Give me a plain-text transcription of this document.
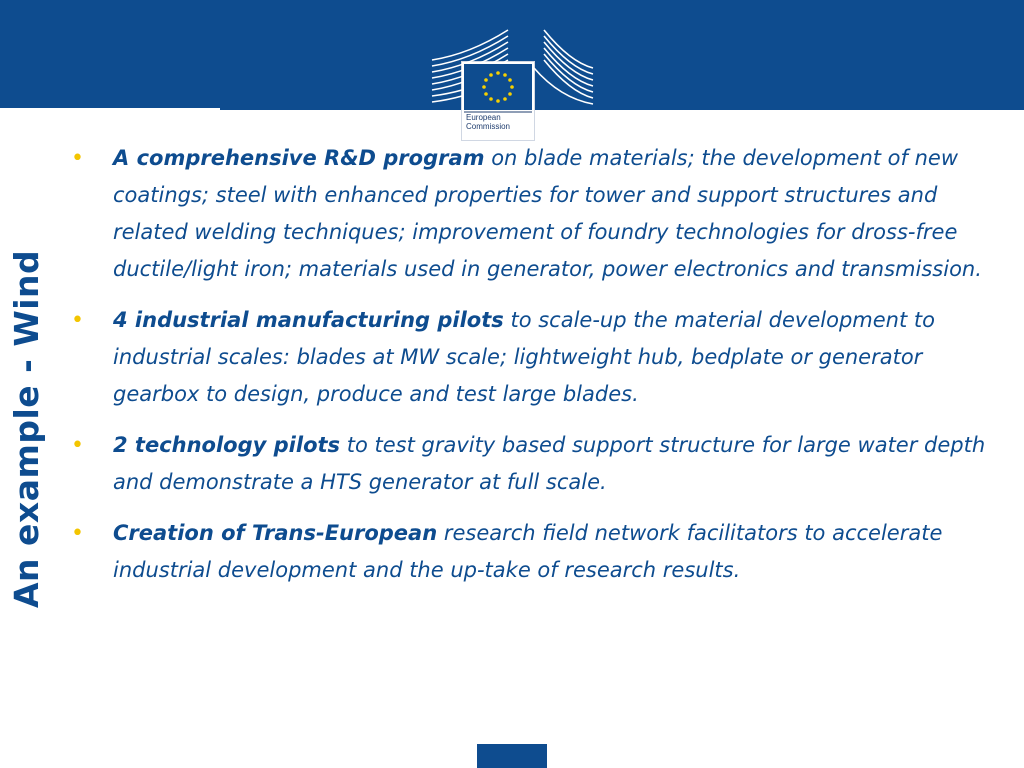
European
Commission
An example - Wind
• A comprehensive R&D program on blade materials; the development of new coatings; steel with enhanced properties for tower and support structures and related welding techniques; improvement of foundry technologies for dross-free ductile/light iron; materials used in generator, power electronics and transmission.
• 4 industrial manufacturing pilots to scale-up the material development to industrial scales: blades at MW scale; lightweight hub, bedplate or generator gearbox to design, produce and test large blades.
• 2 technology pilots to test gravity based support structure for large water depth and demonstrate a HTS generator at full scale.
• Creation of Trans-European research field network facilitators to accelerate industrial development and the up-take of research results.
